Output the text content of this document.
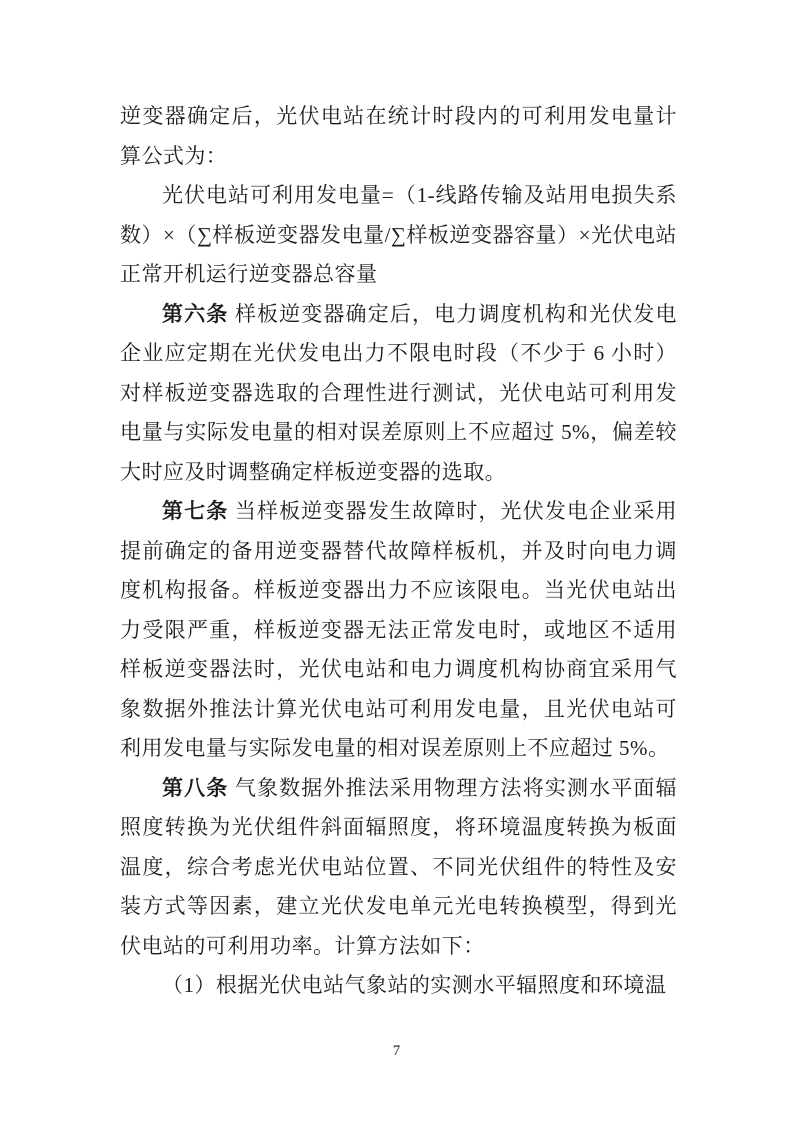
逆变器确定后，光伏电站在统计时段内的可利用发电量计算公式为：

光伏电站可利用发电量=（1-线路传输及站用电损失系数）×（∑样板逆变器发电量/∑样板逆变器容量）×光伏电站正常开机运行逆变器总容量

第六条 样板逆变器确定后，电力调度机构和光伏发电企业应定期在光伏发电出力不限电时段（不少于 6 小时）对样板逆变器选取的合理性进行测试，光伏电站可利用发电量与实际发电量的相对误差原则上不应超过 5%，偏差较大时应及时调整确定样板逆变器的选取。

第七条 当样板逆变器发生故障时，光伏发电企业采用提前确定的备用逆变器替代故障样板机，并及时向电力调度机构报备。样板逆变器出力不应该限电。当光伏电站出力受限严重，样板逆变器无法正常发电时，或地区不适用样板逆变器法时，光伏电站和电力调度机构协商宜采用气象数据外推法计算光伏电站可利用发电量，且光伏电站可利用发电量与实际发电量的相对误差原则上不应超过 5%。

第八条 气象数据外推法采用物理方法将实测水平面辐照度转换为光伏组件斜面辐照度，将环境温度转换为板面温度，综合考虑光伏电站位置、不同光伏组件的特性及安装方式等因素，建立光伏发电单元光电转换模型，得到光伏电站的可利用功率。计算方法如下：

（1）根据光伏电站气象站的实测水平辐照度和环境温

7
